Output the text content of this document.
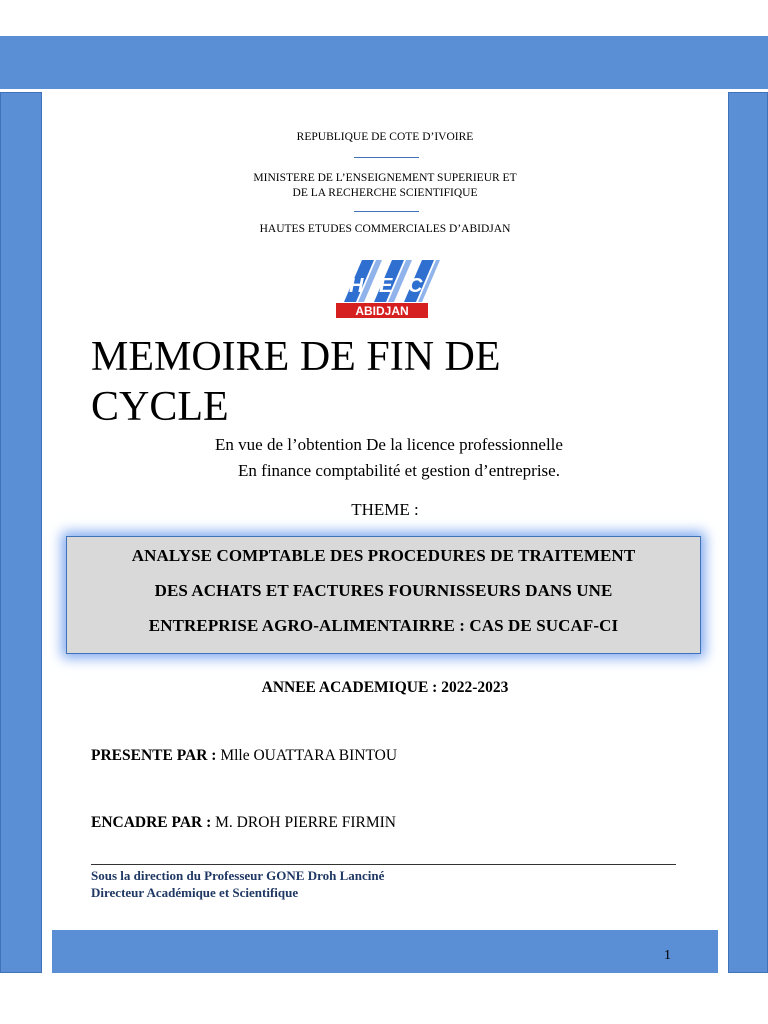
REPUBLIQUE DE COTE D’IVOIRE
MINISTERE DE L’ENSEIGNEMENT SUPERIEUR ET
DE LA RECHERCHE SCIENTIFIQUE
HAUTES ETUDES COMMERCIALES D’ABIDJAN
H E C
ABIDJAN
MEMOIRE DE FIN DE
CYCLE
En vue de l’obtention De la licence professionnelle
En finance comptabilité et gestion d’entreprise.
THEME :
ANALYSE COMPTABLE DES PROCEDURES DE TRAITEMENT
DES ACHATS ET FACTURES FOURNISSEURS DANS UNE
ENTREPRISE AGRO-ALIMENTAIRRE : CAS DE SUCAF-CI
ANNEE ACADEMIQUE : 2022-2023
PRESENTE PAR : Mlle OUATTARA BINTOU
ENCADRE PAR : M. DROH PIERRE FIRMIN
Sous la direction du Professeur GONE Droh Lanciné
Directeur Académique et Scientifique
1
